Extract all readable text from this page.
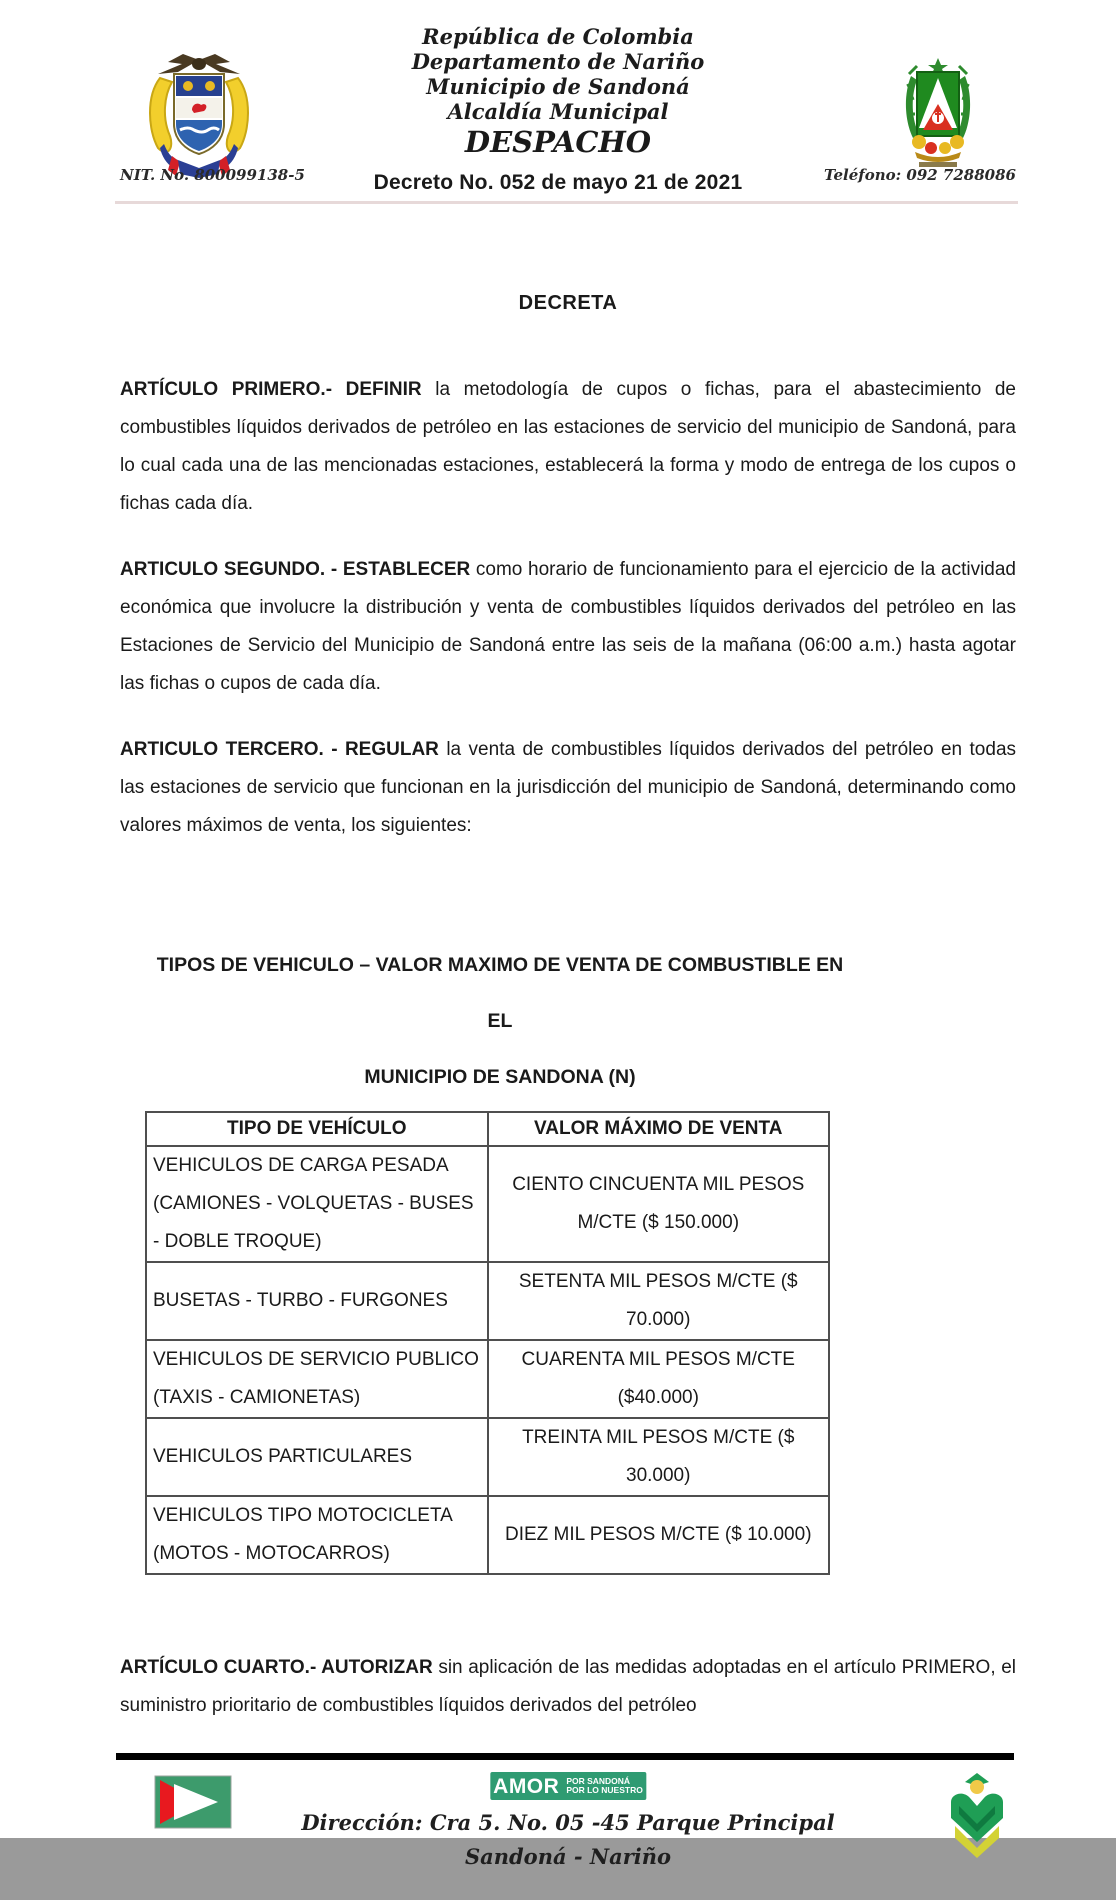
República de Colombia
Departamento de Nariño
Municipio de Sandoná
Alcaldía Municipal
DESPACHO
Decreto No. 052 de mayo 21 de 2021
NIT. No. 800099138-5	Teléfono: 092 7288086
DECRETA

ARTÍCULO PRIMERO.- DEFINIR la metodología de cupos o fichas, para el abastecimiento de combustibles líquidos derivados de petróleo en las estaciones de servicio del municipio de Sandoná, para lo cual cada una de las mencionadas estaciones, establecerá la forma y modo de entrega de los cupos o fichas cada día.

ARTICULO SEGUNDO. - ESTABLECER como horario de funcionamiento para el ejercicio de la actividad económica que involucre la distribución y venta de combustibles líquidos derivados del petróleo en las Estaciones de Servicio del Municipio de Sandoná entre las seis de la mañana (06:00 a.m.) hasta agotar las fichas o cupos de cada día.

ARTICULO TERCERO. - REGULAR la venta de combustibles líquidos derivados del petróleo en todas las estaciones de servicio que funcionan en la jurisdicción del municipio de Sandoná, determinando como valores máximos de venta, los siguientes:

TIPOS DE VEHICULO – VALOR MAXIMO DE VENTA DE COMBUSTIBLE EN EL
MUNICIPIO DE SANDONA (N)
TIPO DE VEHÍCULO	VALOR MÁXIMO DE VENTA
VEHICULOS DE CARGA PESADA (CAMIONES - VOLQUETAS - BUSES - DOBLE TROQUE)	CIENTO CINCUENTA MIL PESOS M/CTE ($ 150.000)
BUSETAS - TURBO - FURGONES	SETENTA MIL PESOS M/CTE ($ 70.000)
VEHICULOS DE SERVICIO PUBLICO (TAXIS - CAMIONETAS)	CUARENTA MIL PESOS M/CTE ($40.000)
VEHICULOS PARTICULARES	TREINTA MIL PESOS M/CTE ($ 30.000)
VEHICULOS TIPO MOTOCICLETA (MOTOS - MOTOCARROS)	DIEZ MIL PESOS M/CTE ($ 10.000)

ARTÍCULO CUARTO.- AUTORIZAR sin aplicación de las medidas adoptadas en el artículo PRIMERO, el suministro prioritario de combustibles líquidos derivados del petróleo

AMOR POR SANDONÁ
POR LO NUESTRO
Dirección: Cra 5. No. 05 -45 Parque Principal
Sandoná - Nariño
